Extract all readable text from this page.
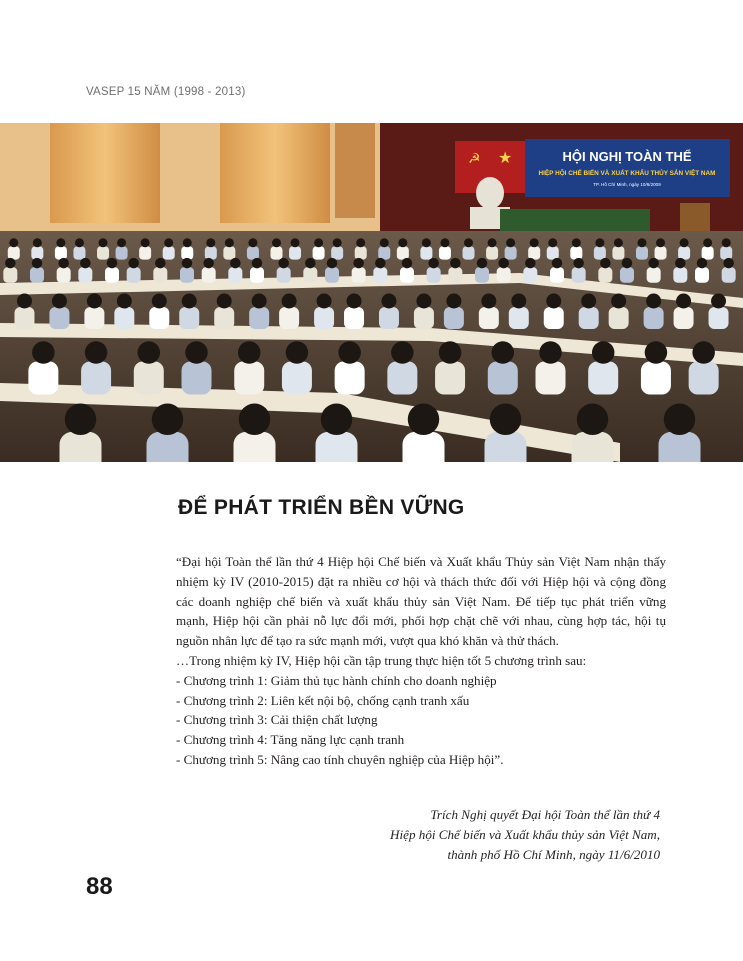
VASEP 15 NĂM (1998 - 2013)
☭ ★	HỘI NGHỊ TOÀN THỂ
HIỆP HỘI CHẾ BIẾN VÀ XUẤT KHẨU THỦY SẢN VIỆT NAM
TP. Hồ Chí Minh, ngày 10/6/2009
ĐỂ PHÁT TRIỂN BỀN VỮNG

“Đại hội Toàn thể lần thứ 4 Hiệp hội Chế biến và Xuất khẩu Thủy sản Việt Nam nhận thấy nhiệm kỳ IV (2010-2015) đặt ra nhiều cơ hội và thách thức đối với Hiệp hội và cộng đồng các doanh nghiệp chế biến và xuất khẩu thủy sản Việt Nam. Để tiếp tục phát triển vững mạnh, Hiệp hội cần phải nỗ lực đổi mới, phối hợp chặt chẽ với nhau, cùng hợp tác, hội tụ nguồn nhân lực để tạo ra sức mạnh mới, vượt qua khó khăn và thử thách.

…Trong nhiệm kỳ IV, Hiệp hội cần tập trung thực hiện tốt 5 chương trình sau:

- Chương trình 1: Giảm thủ tục hành chính cho doanh nghiệp
- Chương trình 2: Liên kết nội bộ, chống cạnh tranh xấu
- Chương trình 3: Cải thiện chất lượng
- Chương trình 4: Tăng năng lực cạnh tranh
- Chương trình 5: Nâng cao tính chuyên nghiệp của Hiệp hội”.
Trích Nghị quyết Đại hội Toàn thể lần thứ 4
Hiệp hội Chế biến và Xuất khẩu thủy sản Việt Nam,
thành phố Hồ Chí Minh, ngày 11/6/2010
88
